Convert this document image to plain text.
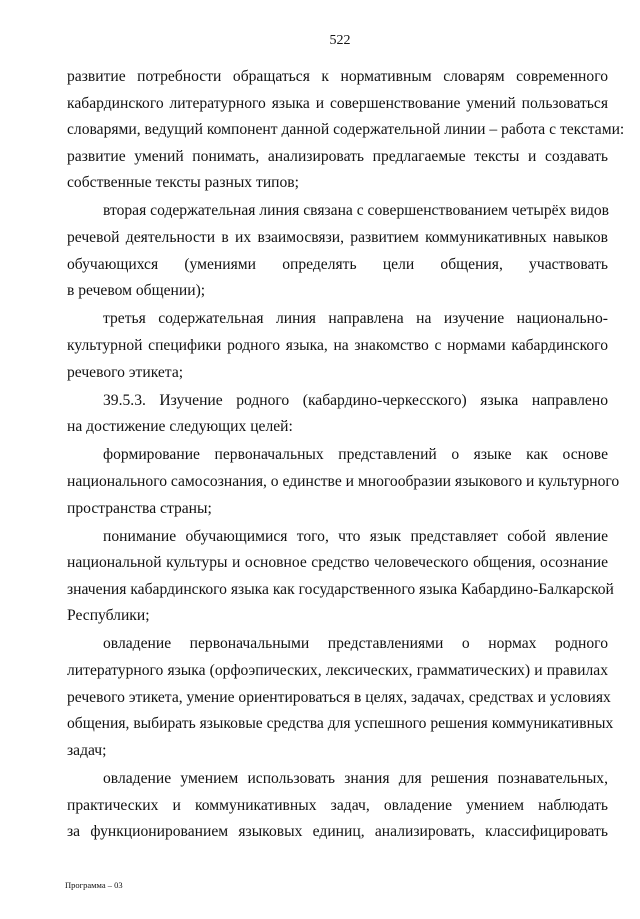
522
развитие потребности обращаться к нормативным словарям современного
кабардинского литературного языка и совершенствование умений пользоваться
словарями, ведущий компонент данной содержательной линии – работа с текстами:
развитие умений понимать, анализировать предлагаемые тексты и создавать
собственные тексты разных типов;
вторая содержательная линия связана с совершенствованием четырёх видов
речевой деятельности в их взаимосвязи, развитием коммуникативных навыков
обучающихся (умениями определять цели общения, участвовать
в речевом общении);
третья содержательная линия направлена на изучение национально-
культурной специфики родного языка, на знакомство с нормами кабардинского
речевого этикета;
39.5.3. Изучение родного (кабардино-черкесского) языка направлено
на достижение следующих целей:
формирование первоначальных представлений о языке как основе
национального самосознания, о единстве и многообразии языкового и культурного
пространства страны;
понимание обучающимися того, что язык представляет собой явление
национальной культуры и основное средство человеческого общения, осознание
значения кабардинского языка как государственного языка Кабардино-Балкарской
Республики;
овладение первоначальными представлениями о нормах родного
литературного языка (орфоэпических, лексических, грамматических) и правилах
речевого этикета, умение ориентироваться в целях, задачах, средствах и условиях
общения, выбирать языковые средства для успешного решения коммуникативных
задач;
овладение умением использовать знания для решения познавательных,
практических и коммуникативных задач, овладение умением наблюдать
за функционированием языковых единиц, анализировать, классифицировать
Программа – 03
